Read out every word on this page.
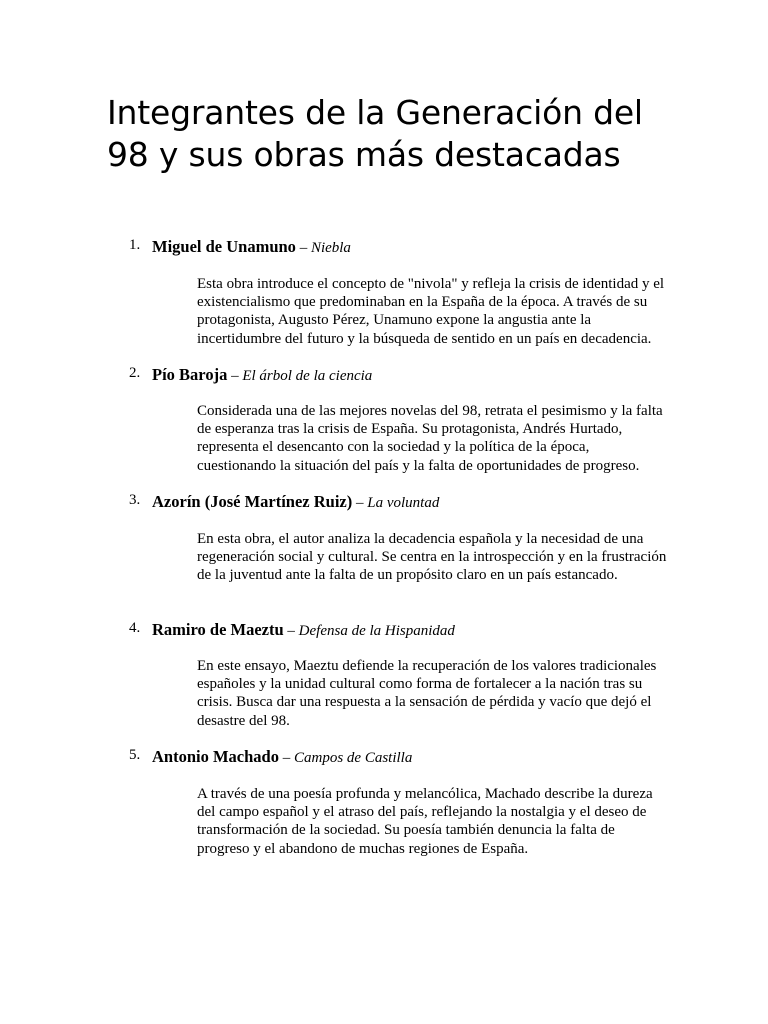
Integrantes de la Generación del 98 y sus obras más destacadas
1. Miguel de Unamuno – Niebla

Esta obra introduce el concepto de "nivola" y refleja la crisis de identidad y el existencialismo que predominaban en la España de la época. A través de su protagonista, Augusto Pérez, Unamuno expone la angustia ante la incertidumbre del futuro y la búsqueda de sentido en un país en decadencia.

2. Pío Baroja – El árbol de la ciencia

Considerada una de las mejores novelas del 98, retrata el pesimismo y la falta de esperanza tras la crisis de España. Su protagonista, Andrés Hurtado, representa el desencanto con la sociedad y la política de la época, cuestionando la situación del país y la falta de oportunidades de progreso.

3. Azorín (José Martínez Ruiz) – La voluntad

En esta obra, el autor analiza la decadencia española y la necesidad de una regeneración social y cultural. Se centra en la introspección y en la frustración de la juventud ante la falta de un propósito claro en un país estancado.

4. Ramiro de Maeztu – Defensa de la Hispanidad

En este ensayo, Maeztu defiende la recuperación de los valores tradicionales españoles y la unidad cultural como forma de fortalecer a la nación tras su crisis. Busca dar una respuesta a la sensación de pérdida y vacío que dejó el desastre del 98.

5. Antonio Machado – Campos de Castilla

A través de una poesía profunda y melancólica, Machado describe la dureza del campo español y el atraso del país, reflejando la nostalgia y el deseo de transformación de la sociedad. Su poesía también denuncia la falta de progreso y el abandono de muchas regiones de España.
